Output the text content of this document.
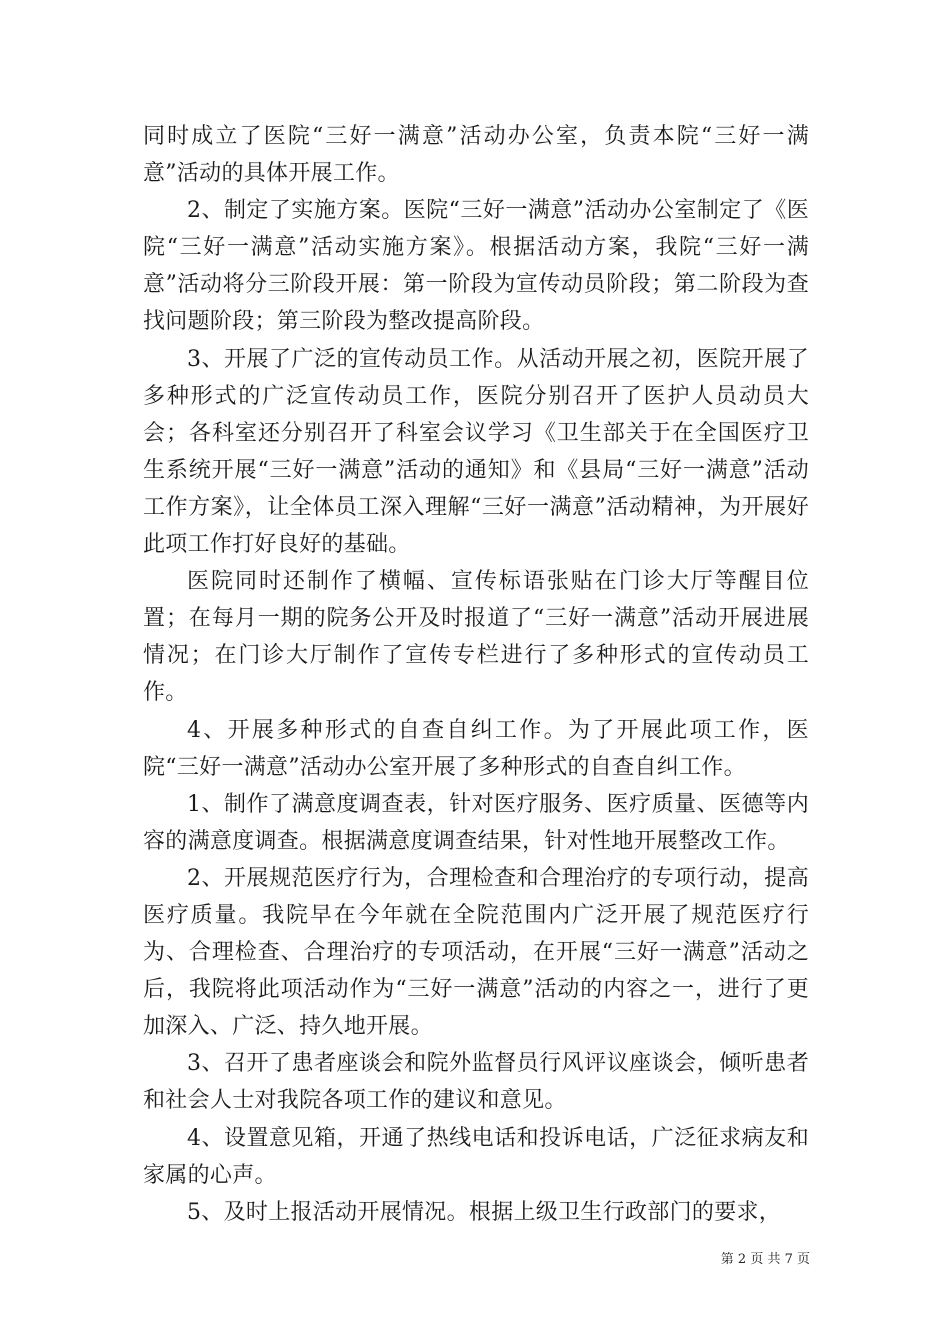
同时成立了医院“三好一满意”活动办公室，负责本院“三好一满意”活动的具体开展工作。

2、制定了实施方案。医院“三好一满意”活动办公室制定了《医院“三好一满意”活动实施方案》。根据活动方案，我院“三好一满意”活动将分三阶段开展：第一阶段为宣传动员阶段；第二阶段为查找问题阶段；第三阶段为整改提高阶段。

3、开展了广泛的宣传动员工作。从活动开展之初，医院开展了多种形式的广泛宣传动员工作，医院分别召开了医护人员动员大会；各科室还分别召开了科室会议学习《卫生部关于在全国医疗卫生系统开展“三好一满意”活动的通知》和《县局“三好一满意”活动工作方案》，让全体员工深入理解“三好一满意”活动精神，为开展好此项工作打好良好的基础。

医院同时还制作了横幅、宣传标语张贴在门诊大厅等醒目位置；在每月一期的院务公开及时报道了“三好一满意”活动开展进展情况；在门诊大厅制作了宣传专栏进行了多种形式的宣传动员工作。

4、开展多种形式的自查自纠工作。为了开展此项工作，医院“三好一满意”活动办公室开展了多种形式的自查自纠工作。

1、制作了满意度调查表，针对医疗服务、医疗质量、医德等内容的满意度调查。根据满意度调查结果，针对性地开展整改工作。

2、开展规范医疗行为，合理检查和合理治疗的专项行动，提高医疗质量。我院早在今年就在全院范围内广泛开展了规范医疗行为、合理检查、合理治疗的专项活动，在开展“三好一满意”活动之后，我院将此项活动作为“三好一满意”活动的内容之一，进行了更加深入、广泛、持久地开展。

3、召开了患者座谈会和院外监督员行风评议座谈会，倾听患者和社会人士对我院各项工作的建议和意见。

4、设置意见箱，开通了热线电话和投诉电话，广泛征求病友和家属的心声。

5、及时上报活动开展情况。根据上级卫生行政部门的要求，

第 2 页 共 7 页
